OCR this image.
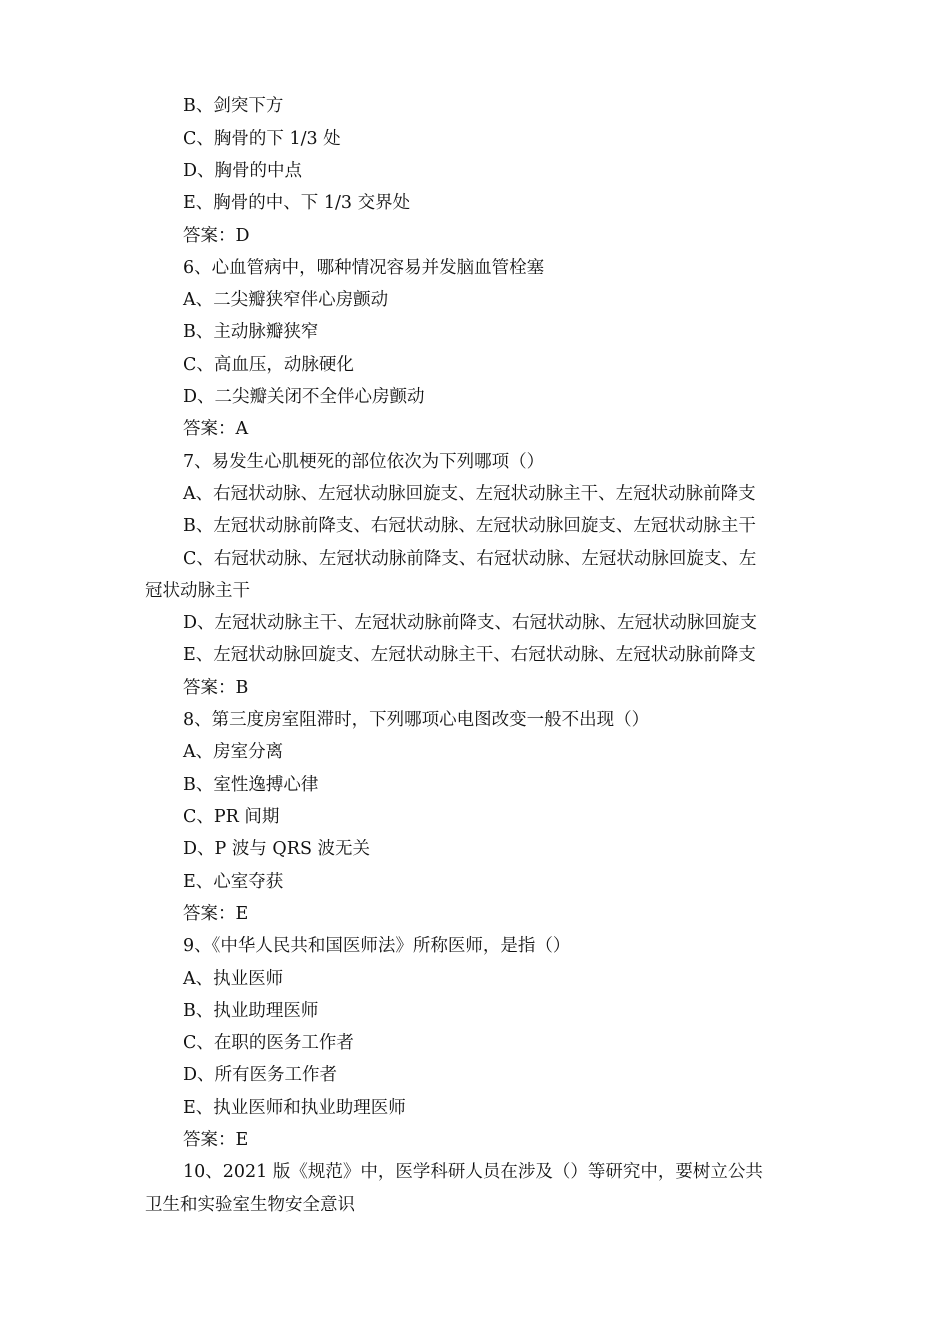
B、剑突下方
C、胸骨的下 1/3 处
D、胸骨的中点
E、胸骨的中、下 1/3 交界处
答案：D
6、心血管病中，哪种情况容易并发脑血管栓塞
A、二尖瓣狭窄伴心房颤动
B、主动脉瓣狭窄
C、高血压，动脉硬化
D、二尖瓣关闭不全伴心房颤动
答案：A
7、易发生心肌梗死的部位依次为下列哪项（）
A、右冠状动脉、左冠状动脉回旋支、左冠状动脉主干、左冠状动脉前降支
B、左冠状动脉前降支、右冠状动脉、左冠状动脉回旋支、左冠状动脉主干
C、右冠状动脉、左冠状动脉前降支、右冠状动脉、左冠状动脉回旋支、左
冠状动脉主干
D、左冠状动脉主干、左冠状动脉前降支、右冠状动脉、左冠状动脉回旋支
E、左冠状动脉回旋支、左冠状动脉主干、右冠状动脉、左冠状动脉前降支
答案：B
8、第三度房室阻滞时，下列哪项心电图改变一般不出现（）
A、房室分离
B、室性逸搏心律
C、PR 间期
D、P 波与 QRS 波无关
E、心室夺获
答案：E
9、《中华人民共和国医师法》所称医师，是指（）
A、执业医师
B、执业助理医师
C、在职的医务工作者
D、所有医务工作者
E、执业医师和执业助理医师
答案：E
10、2021 版《规范》中，医学科研人员在涉及（）等研究中，要树立公共
卫生和实验室生物安全意识
